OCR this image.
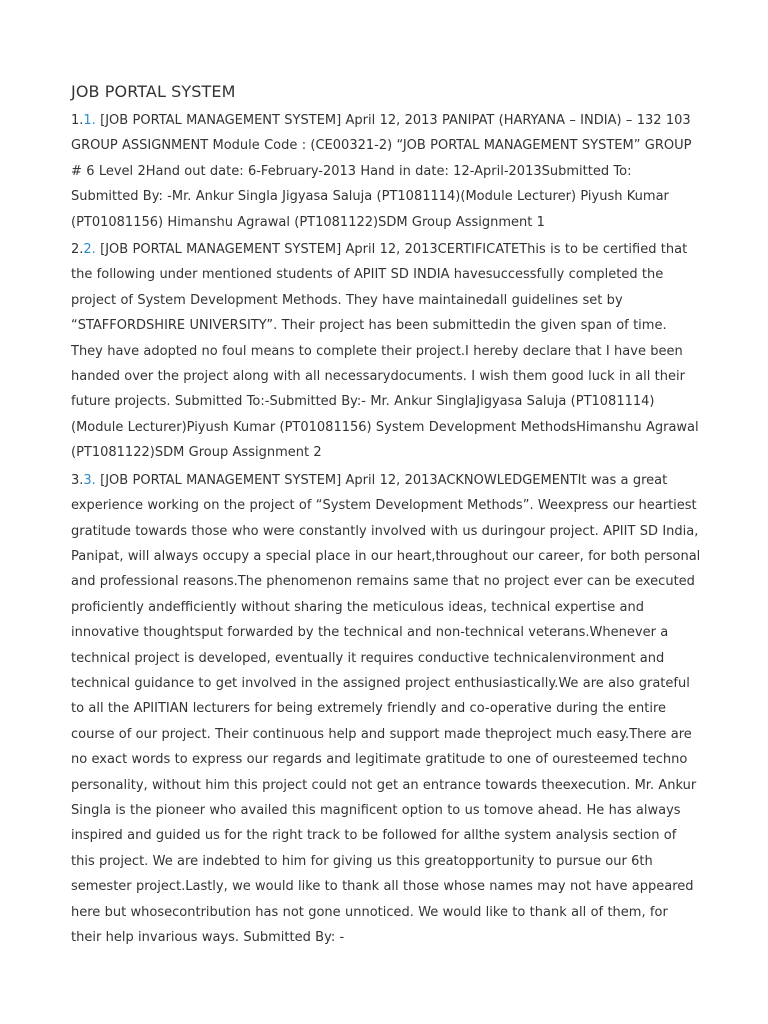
JOB PORTAL SYSTEM

1.1. [JOB PORTAL MANAGEMENT SYSTEM] April 12, 2013 PANIPAT (HARYANA – INDIA) – 132 103 GROUP ASSIGNMENT Module Code : (CE00321-2) “JOB PORTAL MANAGEMENT SYSTEM” GROUP # 6 Level 2Hand out date: 6-February-2013 Hand in date: 12-April-2013Submitted To: Submitted By: -Mr. Ankur Singla Jigyasa Saluja (PT1081114)(Module Lecturer) Piyush Kumar (PT01081156) Himanshu Agrawal (PT1081122)SDM Group Assignment 1

2.2. [JOB PORTAL MANAGEMENT SYSTEM] April 12, 2013CERTIFICATEThis is to be certified that the following under mentioned students of APIIT SD INDIA havesuccessfully completed the project of System Development Methods. They have maintainedall guidelines set by “STAFFORDSHIRE UNIVERSITY”. Their project has been submittedin the given span of time. They have adopted no foul means to complete their project.I hereby declare that I have been handed over the project along with all necessarydocuments. I wish them good luck in all their future projects. Submitted To:-Submitted By:- Mr. Ankur SinglaJigyasa Saluja (PT1081114) (Module Lecturer)Piyush Kumar (PT01081156) System Development MethodsHimanshu Agrawal (PT1081122)SDM Group Assignment 2

3.3. [JOB PORTAL MANAGEMENT SYSTEM] April 12, 2013ACKNOWLEDGEMENTIt was a great experience working on the project of “System Development Methods”. Weexpress our heartiest gratitude towards those who were constantly involved with us duringour project. APIIT SD India, Panipat, will always occupy a special place in our heart,throughout our career, for both personal and professional reasons.The phenomenon remains same that no project ever can be executed proficiently andefficiently without sharing the meticulous ideas, technical expertise and innovative thoughtsput forwarded by the technical and non-technical veterans.Whenever a technical project is developed, eventually it requires conductive technicalenvironment and technical guidance to get involved in the assigned project enthusiastically.We are also grateful to all the APIITIAN lecturers for being extremely friendly and co-operative during the entire course of our project. Their continuous help and support made theproject much easy.There are no exact words to express our regards and legitimate gratitude to one of ouresteemed techno personality, without him this project could not get an entrance towards theexecution. Mr. Ankur Singla is the pioneer who availed this magnificent option to us tomove ahead. He has always inspired and guided us for the right track to be followed for allthe system analysis section of this project. We are indebted to him for giving us this greatopportunity to pursue our 6th semester project.Lastly, we would like to thank all those whose names may not have appeared here but whosecontribution has not gone unnoticed. We would like to thank all of them, for their help invarious ways. Submitted By: -
